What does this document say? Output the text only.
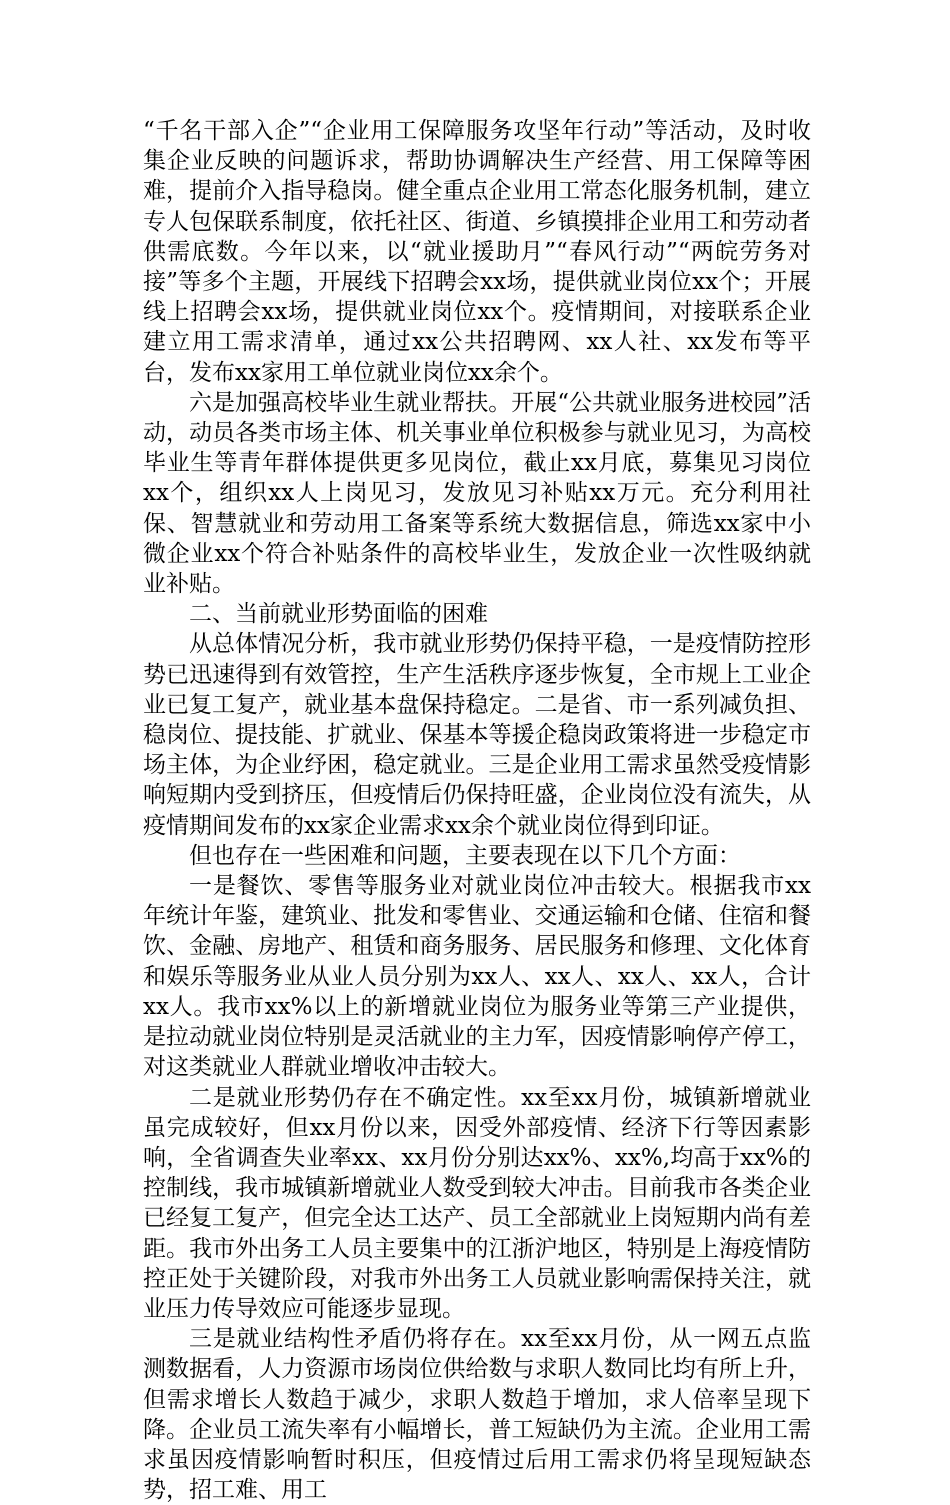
“千名干部入企”“企业用工保障服务攻坚年行动”等活动，及时收集企业反映的问题诉求，帮助协调解决生产经营、用工保障等困难，提前介入指导稳岗。健全重点企业用工常态化服务机制，建立专人包保联系制度，依托社区、街道、乡镇摸排企业用工和劳动者供需底数。今年以来，以“就业援助月”“春风行动”“两皖劳务对接”等多个主题，开展线下招聘会xx场，提供就业岗位xx个；开展线上招聘会xx场，提供就业岗位xx个。疫情期间，对接联系企业建立用工需求清单，通过xx公共招聘网、xx人社、xx发布等平台，发布xx家用工单位就业岗位xx余个。

六是加强高校毕业生就业帮扶。开展“公共就业服务进校园”活动，动员各类市场主体、机关事业单位积极参与就业见习，为高校毕业生等青年群体提供更多见岗位，截止xx月底，募集见习岗位xx个，组织xx人上岗见习，发放见习补贴xx万元。充分利用社保、智慧就业和劳动用工备案等系统大数据信息，筛选xx家中小微企业xx个符合补贴条件的高校毕业生，发放企业一次性吸纳就业补贴。

二、当前就业形势面临的困难

从总体情况分析，我市就业形势仍保持平稳，一是疫情防控形势已迅速得到有效管控，生产生活秩序逐步恢复，全市规上工业企业已复工复产，就业基本盘保持稳定。二是省、市一系列减负担、稳岗位、提技能、扩就业、保基本等援企稳岗政策将进一步稳定市场主体，为企业纾困，稳定就业。三是企业用工需求虽然受疫情影响短期内受到挤压，但疫情后仍保持旺盛，企业岗位没有流失，从疫情期间发布的xx家企业需求xx余个就业岗位得到印证。

但也存在一些困难和问题，主要表现在以下几个方面：

一是餐饮、零售等服务业对就业岗位冲击较大。根据我市xx年统计年鉴，建筑业、批发和零售业、交通运输和仓储、住宿和餐饮、金融、房地产、租赁和商务服务、居民服务和修理、文化体育和娱乐等服务业从业人员分别为xx人、xx人、xx人、xx人，合计xx人。我市xx%以上的新增就业岗位为服务业等第三产业提供，是拉动就业岗位特别是灵活就业的主力军，因疫情影响停产停工，对这类就业人群就业增收冲击较大。

二是就业形势仍存在不确定性。xx至xx月份，城镇新增就业虽完成较好，但xx月份以来，因受外部疫情、经济下行等因素影响，全省调查失业率xx、xx月份分别达xx%、xx%,均高于xx%的控制线，我市城镇新增就业人数受到较大冲击。目前我市各类企业已经复工复产，但完全达工达产、员工全部就业上岗短期内尚有差距。我市外出务工人员主要集中的江浙沪地区，特别是上海疫情防控正处于关键阶段，对我市外出务工人员就业影响需保持关注，就业压力传导效应可能逐步显现。

三是就业结构性矛盾仍将存在。xx至xx月份，从一网五点监测数据看，人力资源市场岗位供给数与求职人数同比均有所上升，但需求增长人数趋于减少，求职人数趋于增加，求人倍率呈现下降。企业员工流失率有小幅增长，普工短缺仍为主流。企业用工需求虽因疫情影响暂时积压，但疫情过后用工需求仍将呈现短缺态势，招工难、用工
